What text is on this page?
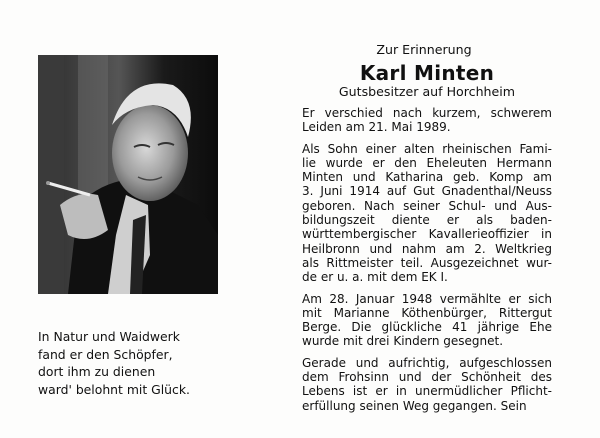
In Natur und Waidwerk
fand er den Schöpfer,
dort ihm zu dienen
ward' belohnt mit Glück.
Zur Erinnerung
Karl Minten
Gutsbesitzer auf Horchheim
Er verschied nach kurzem, schwerem
Leiden am 21. Mai 1989.
Als Sohn einer alten rheinischen Fami-
lie wurde er den Eheleuten Hermann
Minten und Katharina geb. Komp am
3. Juni 1914 auf Gut Gnadenthal/Neuss
geboren. Nach seiner Schul- und Aus-
bildungszeit diente er als baden-
württembergischer Kavallerieoffizier in
Heilbronn und nahm am 2. Weltkrieg
als Rittmeister teil. Ausgezeichnet wur-
de er u. a. mit dem EK I.
Am 28. Januar 1948 vermählte er sich
mit Marianne Köthenbürger, Rittergut
Berge. Die glückliche 41 jährige Ehe
wurde mit drei Kindern gesegnet.
Gerade und aufrichtig, aufgeschlossen
dem Frohsinn und der Schönheit des
Lebens ist er in unermüdlicher Pflicht-
erfüllung seinen Weg gegangen. Sein
